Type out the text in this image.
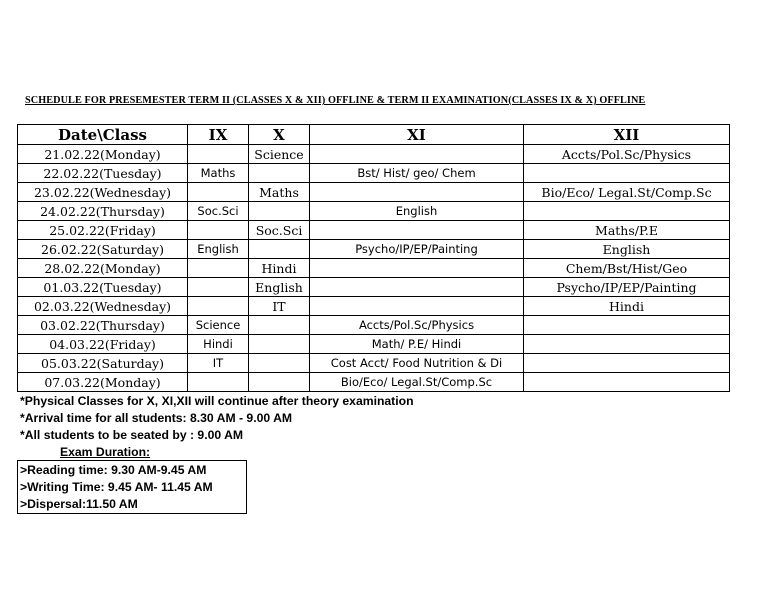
SCHEDULE FOR PRESEMESTER TERM II (CLASSES X & XII) OFFLINE & TERM II EXAMINATION(CLASSES IX & X) OFFLINE
Date\Class	IX	X	XI	XII
21.02.22(Monday)		Science		Accts/Pol.Sc/Physics
22.02.22(Tuesday)	Maths		Bst/ Hist/ geo/ Chem	
23.02.22(Wednesday)		Maths		Bio/Eco/ Legal.St/Comp.Sc
24.02.22(Thursday)	Soc.Sci		English	
25.02.22(Friday)		Soc.Sci		Maths/P.E
26.02.22(Saturday)	English		Psycho/IP/EP/Painting	English
28.02.22(Monday)		Hindi		Chem/Bst/Hist/Geo
01.03.22(Tuesday)		English		Psycho/IP/EP/Painting
02.03.22(Wednesday)		IT		Hindi
03.02.22(Thursday)	Science		Accts/Pol.Sc/Physics	
04.03.22(Friday)	Hindi		Math/ P.E/ Hindi	
05.03.22(Saturday)	IT		Cost Acct/ Food Nutrition & Di	
07.03.22(Monday)			Bio/Eco/ Legal.St/Comp.Sc	
*Physical Classes for X, XI,XII will continue after theory examination
*Arrival time for all students: 8.30 AM - 9.00 AM
*All students to be seated by : 9.00 AM
Exam Duration:
>Reading time: 9.30 AM-9.45 AM
>Writing Time: 9.45 AM- 11.45 AM
>Dispersal:11.50 AM
